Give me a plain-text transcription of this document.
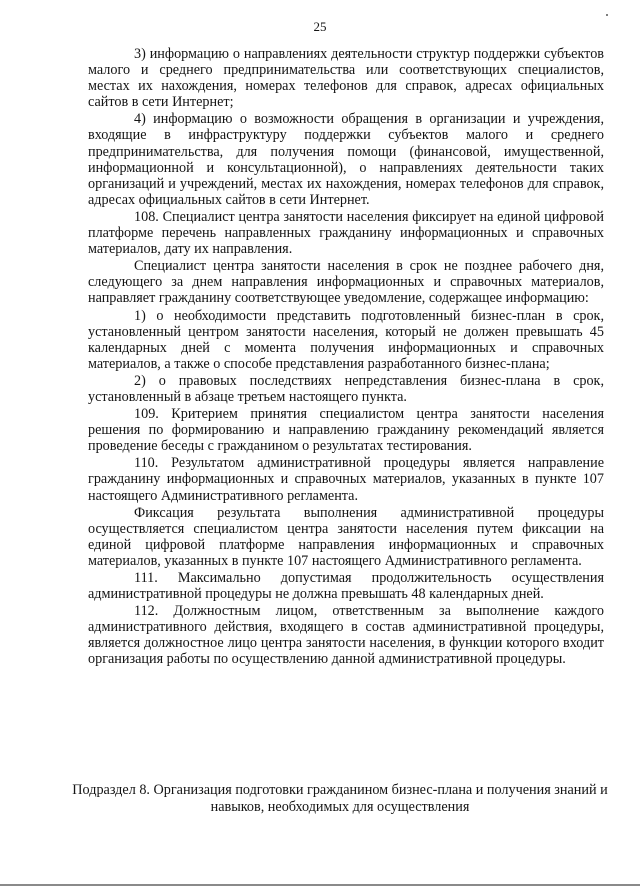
25

3) информацию о направлениях деятельности структур поддержки субъектов малого и среднего предпринимательства или соответствующих специалистов, местах их нахождения, номерах телефонов для справок, адресах официальных сайтов в сети Интернет;

4) информацию о возможности обращения в организации и учреждения, входящие в инфраструктуру поддержки субъектов малого и среднего предпринимательства, для получения помощи (финансовой, имущественной, информационной и консультационной), о направлениях деятельности таких организаций и учреждений, местах их нахождения, номерах телефонов для справок, адресах официальных сайтов в сети Интернет.

108. Специалист центра занятости населения фиксирует на единой цифровой платформе перечень направленных гражданину информационных и справочных материалов, дату их направления.

Специалист центра занятости населения в срок не позднее рабочего дня, следующего за днем направления информационных и справочных материалов, направляет гражданину соответствующее уведомление, содержащее информацию:

1) о необходимости представить подготовленный бизнес-план в срок, установленный центром занятости населения, который не должен превышать 45 календарных дней с момента получения информационных и справочных материалов, а также о способе представления разработанного бизнес-плана;

2) о правовых последствиях непредставления бизнес-плана в срок, установленный в абзаце третьем настоящего пункта.

109. Критерием принятия специалистом центра занятости населения решения по формированию и направлению гражданину рекомендаций является проведение беседы с гражданином о результатах тестирования.

110. Результатом административной процедуры является направление гражданину информационных и справочных материалов, указанных в пункте 107 настоящего Административного регламента.

Фиксация результата выполнения административной процедуры осуществляется специалистом центра занятости населения путем фиксации на единой цифровой платформе направления информационных и справочных материалов, указанных в пункте 107 настоящего Административного регламента.

111. Максимально допустимая продолжительность осуществления административной процедуры не должна превышать 48 календарных дней.

112. Должностным лицом, ответственным за выполнение каждого административного действия, входящего в состав административной процедуры, является должностное лицо центра занятости населения, в функции которого входит организация работы по осуществлению данной административной процедуры.

Подраздел 8. Организация подготовки гражданином бизнес-плана и получения знаний и навыков, необходимых для осуществления
